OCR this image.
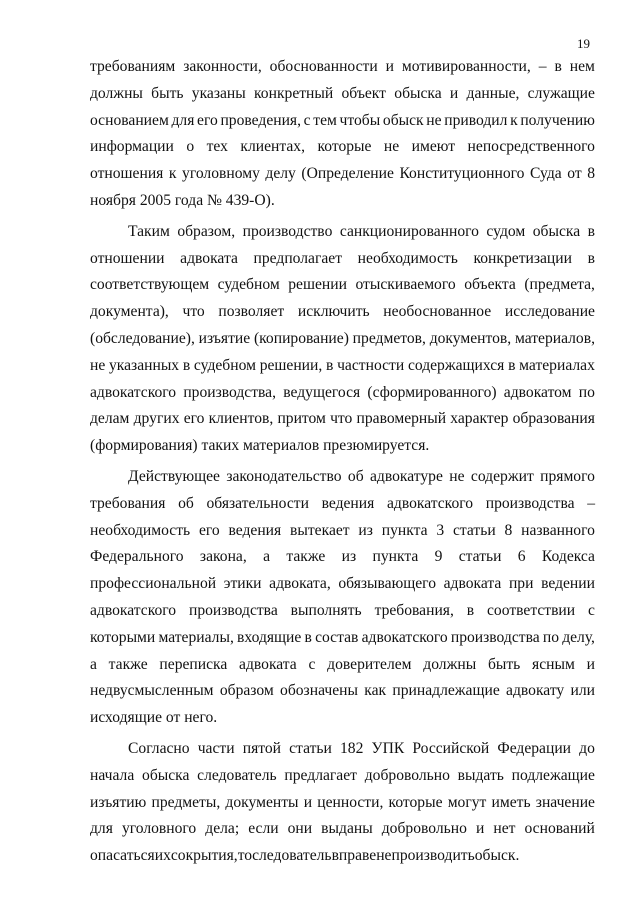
19
требованиям законности, обоснованности и мотивированности, – в нем
должны быть указаны конкретный объект обыска и данные, служащие
основанием для его проведения, с тем чтобы обыск не приводил к получению
информации о тех клиентах, которые не имеют непосредственного
отношения к уголовному делу (Определение Конституционного Суда от 8
ноября 2005 года № 439-О).
Таким образом, производство санкционированного судом обыска в
отношении адвоката предполагает необходимость конкретизации в
соответствующем судебном решении отыскиваемого объекта (предмета,
документа), что позволяет исключить необоснованное исследование
(обследование), изъятие (копирование) предметов, документов, материалов,
не указанных в судебном решении, в частности содержащихся в материалах
адвокатского производства, ведущегося (сформированного) адвокатом по
делам других его клиентов, притом что правомерный характер образования
(формирования) таких материалов презюмируется.
Действующее законодательство об адвокатуре не содержит прямого
требования об обязательности ведения адвокатского производства –
необходимость его ведения вытекает из пункта 3 статьи 8 названного
Федерального закона, а также из пункта 9 статьи 6 Кодекса
профессиональной этики адвоката, обязывающего адвоката при ведении
адвокатского производства выполнять требования, в соответствии с
которыми материалы, входящие в состав адвокатского производства по делу,
а также переписка адвоката с доверителем должны быть ясным и
недвусмысленным образом обозначены как принадлежащие адвокату или
исходящие от него.
Согласно части пятой статьи 182 УПК Российской Федерации до
начала обыска следователь предлагает добровольно выдать подлежащие
изъятию предметы, документы и ценности, которые могут иметь значение
для уголовного дела; если они выданы добровольно и нет оснований
опасаться их сокрытия, то следователь вправе не производить обыск.
